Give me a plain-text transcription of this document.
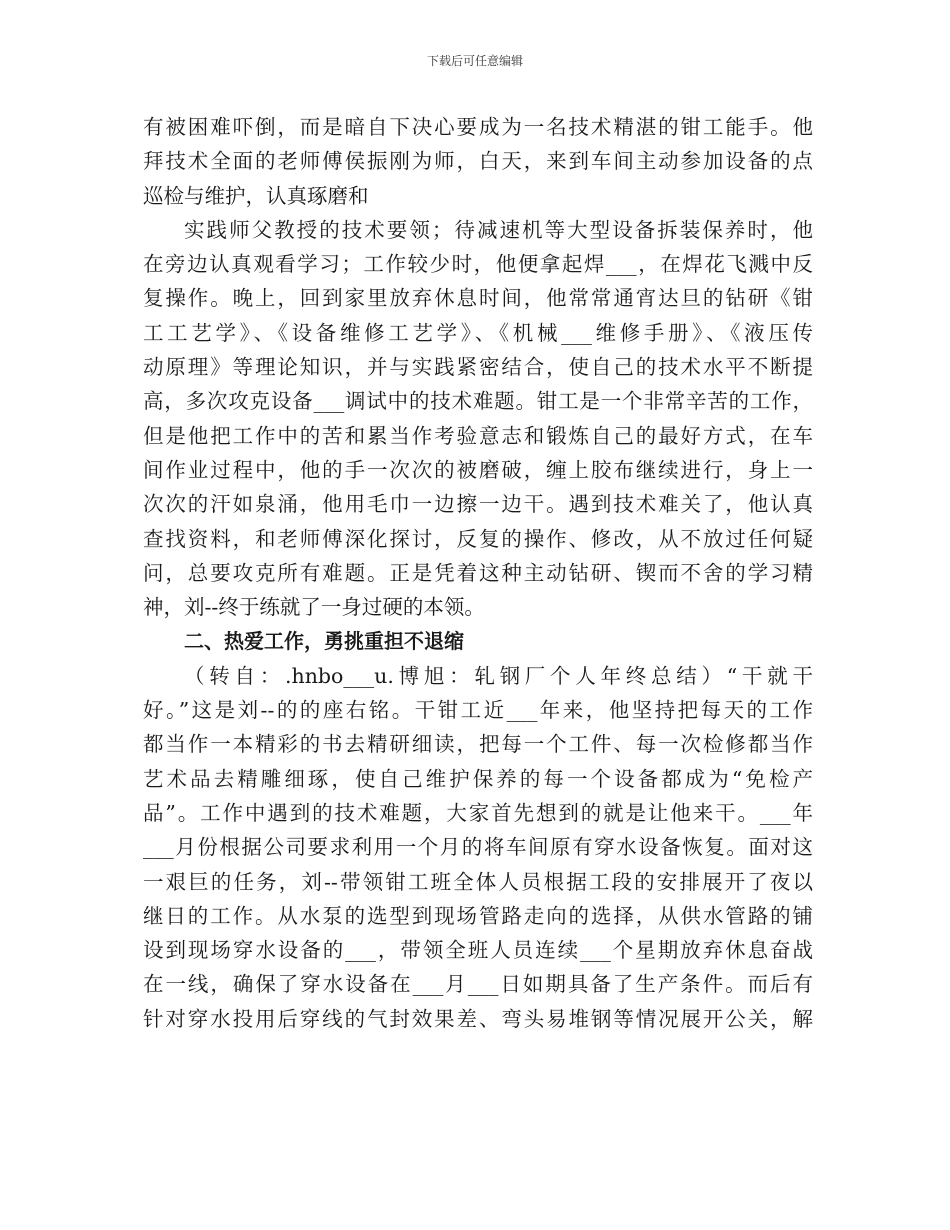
下载后可任意编辑
有被困难吓倒，而是暗自下决心要成为一名技术精湛的钳工能手。他
拜技术全面的老师傅侯振刚为师，白天，来到车间主动参加设备的点
巡检与维护，认真琢磨和
实践师父教授的技术要领；待减速机等大型设备拆装保养时，他
在旁边认真观看学习；工作较少时，他便拿起焊___，在焊花飞溅中反
复操作。晚上，回到家里放弃休息时间，他常常通宵达旦的钻研《钳
工工艺学》、《设备维修工艺学》、《机械___维修手册》、《液压传
动原理》等理论知识，并与实践紧密结合，使自己的技术水平不断提
高，多次攻克设备___调试中的技术难题。钳工是一个非常辛苦的工作，
但是他把工作中的苦和累当作考验意志和锻炼自己的最好方式，在车
间作业过程中，他的手一次次的被磨破，缠上胶布继续进行，身上一
次次的汗如泉涌，他用毛巾一边擦一边干。遇到技术难关了，他认真
查找资料，和老师傅深化探讨，反复的操作、修改，从不放过任何疑
问，总要攻克所有难题。正是凭着这种主动钻研、锲而不舍的学习精
神，刘--终于练就了一身过硬的本领。
二、热爱工作，勇挑重担不退缩
（转自：.hnbo___u.博旭：轧钢厂个人年终总结）“干就干
好。”这是刘--的的座右铭。干钳工近___年来，他坚持把每天的工作
都当作一本精彩的书去精研细读，把每一个工件、每一次检修都当作
艺术品去精雕细琢，使自己维护保养的每一个设备都成为“免检产
品”。工作中遇到的技术难题，大家首先想到的就是让他来干。___年
___月份根据公司要求利用一个月的将车间原有穿水设备恢复。面对这
一艰巨的任务，刘--带领钳工班全体人员根据工段的安排展开了夜以
继日的工作。从水泵的选型到现场管路走向的选择，从供水管路的铺
设到现场穿水设备的___，带领全班人员连续___个星期放弃休息奋战
在一线，确保了穿水设备在___月___日如期具备了生产条件。而后有
针对穿水投用后穿线的气封效果差、弯头易堆钢等情况展开公关，解
